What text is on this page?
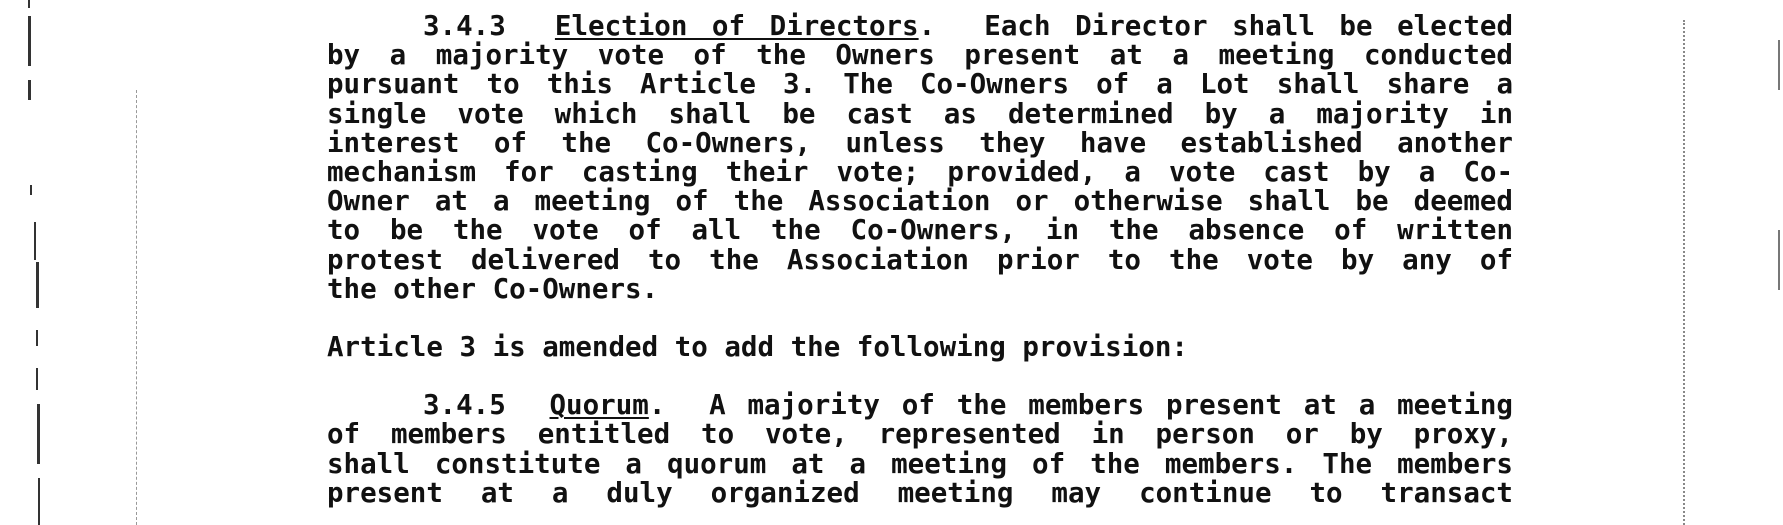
3.4.3 Election of Directors.  Each Director shall be elected
by a majority vote of the Owners present at a meeting conducted
pursuant to this Article 3. The Co-Owners of a Lot shall share a
single vote which shall be cast as determined by a majority in
interest of the Co-Owners, unless they have established another
mechanism for casting their vote; provided, a vote cast by a Co-
Owner at a meeting of the Association or otherwise shall be deemed
to be the vote of all the Co-Owners, in the absence of written
protest delivered to the Association prior to the vote by any of
the other Co-Owners.
Article 3 is amended to add the following provision:
3.4.5 Quorum.  A majority of the members present at a meeting
of members entitled to vote, represented in person or by proxy,
shall constitute a quorum at a meeting of the members. The members
present at a duly organized meeting may continue to transact
